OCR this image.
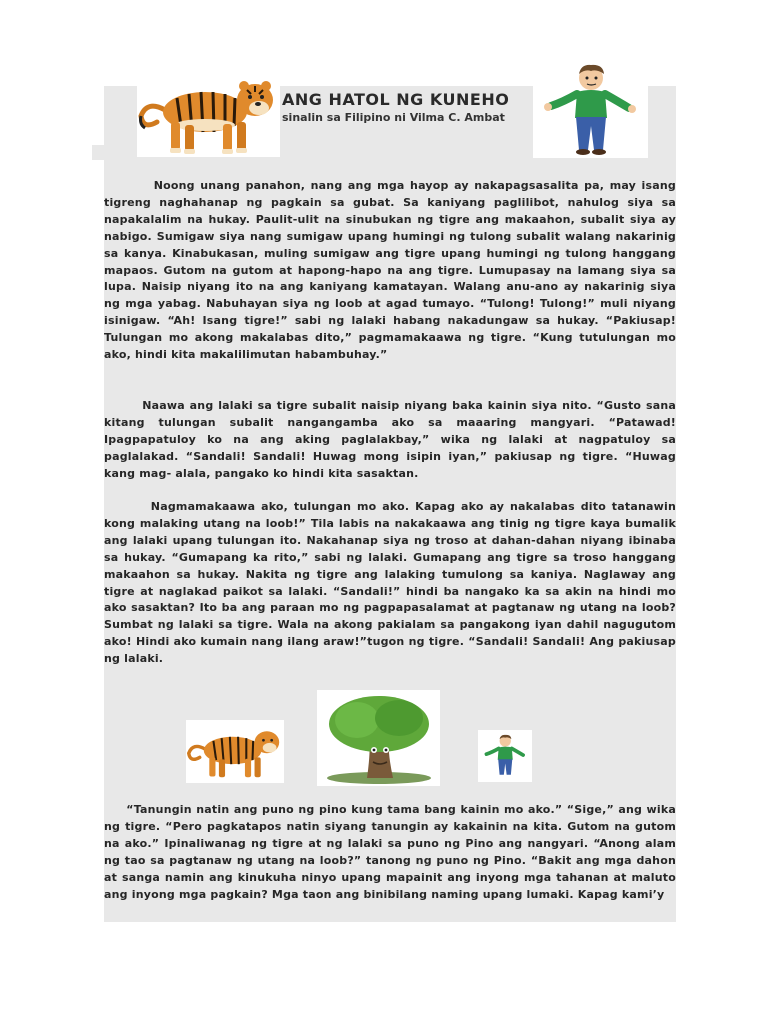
ANG HATOL NG KUNEHO
sinalin sa Filipino ni Vilma C. Ambat
Noong unang panahon, nang ang mga hayop ay nakapagsasalita pa, may isang tigreng naghahanap ng pagkain sa gubat. Sa kaniyang paglilibot, nahulog siya sa napakalalim na hukay. Paulit-ulit na sinubukan ng tigre ang makaahon, subalit siya ay nabigo. Sumigaw siya nang sumigaw upang humingi ng tulong subalit walang nakarinig sa kanya. Kinabukasan, muling sumigaw ang tigre upang humingi ng tulong hanggang mapaos. Gutom na gutom at hapong-hapo na ang tigre. Lumupasay na lamang siya sa lupa. Naisip niyang ito na ang kaniyang kamatayan. Walang anu-ano ay nakarinig siya ng mga yabag. Nabuhayan siya ng loob at agad tumayo. “Tulong! Tulong!” muli niyang isinigaw. “Ah! Isang tigre!” sabi ng lalaki habang nakadungaw sa hukay. “Pakiusap! Tulungan mo akong makalabas dito,” pagmamakaawa ng tigre. “Kung tutulungan mo ako, hindi kita makalilimutan habambuhay.”
Naawa ang lalaki sa tigre subalit naisip niyang baka kainin siya nito. “Gusto sana kitang tulungan subalit nangangamba ako sa maaaring mangyari. “Patawad! Ipagpapatuloy ko na ang aking paglalakbay,” wika ng lalaki at nagpatuloy sa paglalakad. “Sandali! Sandali! Huwag mong isipin iyan,” pakiusap ng tigre. “Huwag kang mag- alala, pangako ko hindi kita sasaktan.
Nagmamakaawa ako, tulungan mo ako. Kapag ako ay nakalabas dito tatanawin kong malaking utang na loob!” Tila labis na nakakaawa ang tinig ng tigre kaya bumalik ang lalaki upang tulungan ito. Nakahanap siya ng troso at dahan-dahan niyang ibinaba sa hukay. “Gumapang ka rito,” sabi ng lalaki. Gumapang ang tigre sa troso hanggang makaahon sa hukay. Nakita ng tigre ang lalaking tumulong sa kaniya. Naglaway ang tigre at naglakad paikot sa lalaki. “Sandali!” hindi ba nangako ka sa akin na hindi mo ako sasaktan? Ito ba ang paraan mo ng pagpapasalamat at pagtanaw ng utang na loob? Sumbat ng lalaki sa tigre. Wala na akong pakialam sa pangakong iyan dahil nagugutom ako! Hindi ako kumain nang ilang araw!”tugon ng tigre. “Sandali! Sandali! Ang pakiusap ng lalaki.
“Tanungin natin ang puno ng pino kung tama bang kainin mo ako.” “Sige,” ang wika ng tigre. “Pero pagkatapos natin siyang tanungin ay kakainin na kita. Gutom na gutom na ako.” Ipinaliwanag ng tigre at ng lalaki sa puno ng Pino ang nangyari. “Anong alam ng tao sa pagtanaw ng utang na loob?” tanong ng puno ng Pino. “Bakit ang mga dahon at sanga namin ang kinukuha ninyo upang mapainit ang inyong mga tahanan at maluto ang inyong mga pagkain? Mga taon ang binibilang naming upang lumaki. Kapag kami’y
